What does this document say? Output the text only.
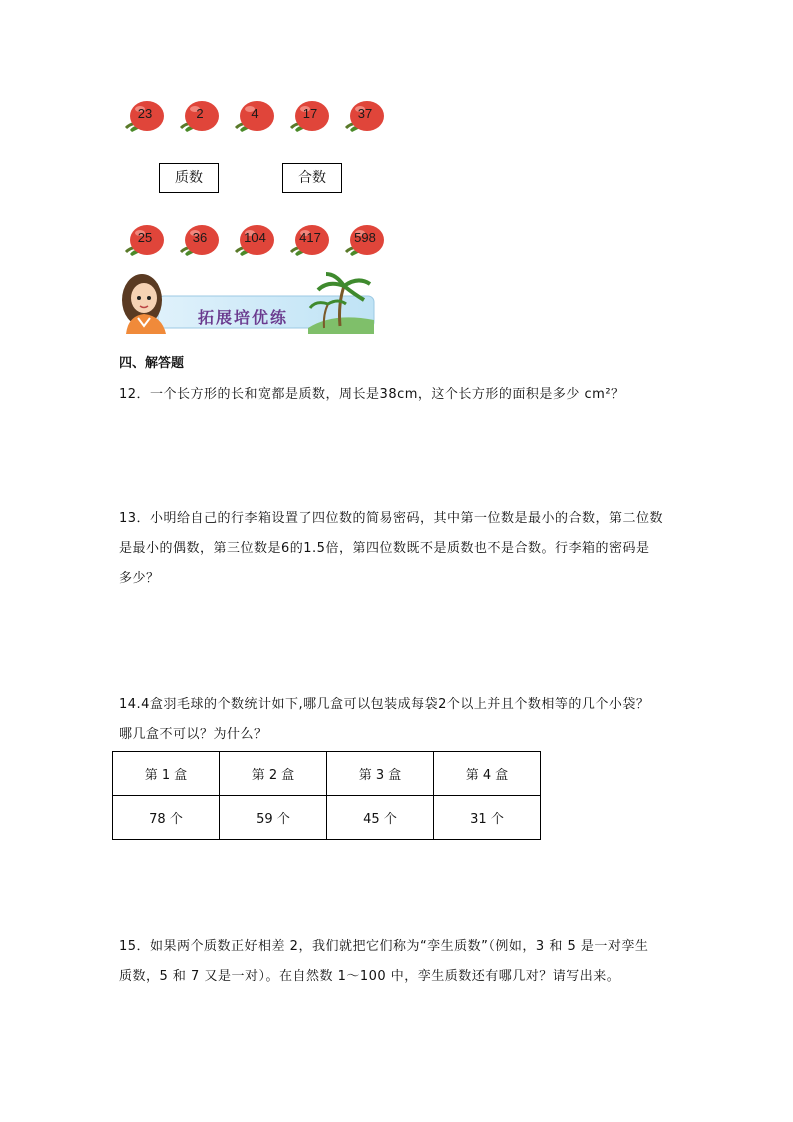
23	2	4	17	37
质数	合数
25	36	104	417	598
拓展培优练
四、解答题
12．一个长方形的长和宽都是质数，周长是38cm，这个长方形的面积是多少 cm²？
13．小明给自己的行李箱设置了四位数的简易密码，其中第一位数是最小的合数，第二位数
是最小的偶数，第三位数是6的1.5倍，第四位数既不是质数也不是合数。行李箱的密码是
多少？
14.4盒羽毛球的个数统计如下,哪几盒可以包装成每袋2个以上并且个数相等的几个小袋？
哪几盒不可以？为什么？
第 1 盒	第 2 盒	第 3 盒	第 4 盒
78 个	59 个	45 个	31 个
15．如果两个质数正好相差 2，我们就把它们称为“孪生质数”（例如，3 和 5 是一对孪生
质数，5 和 7 又是一对）。在自然数 1～100 中，孪生质数还有哪几对？请写出来。
